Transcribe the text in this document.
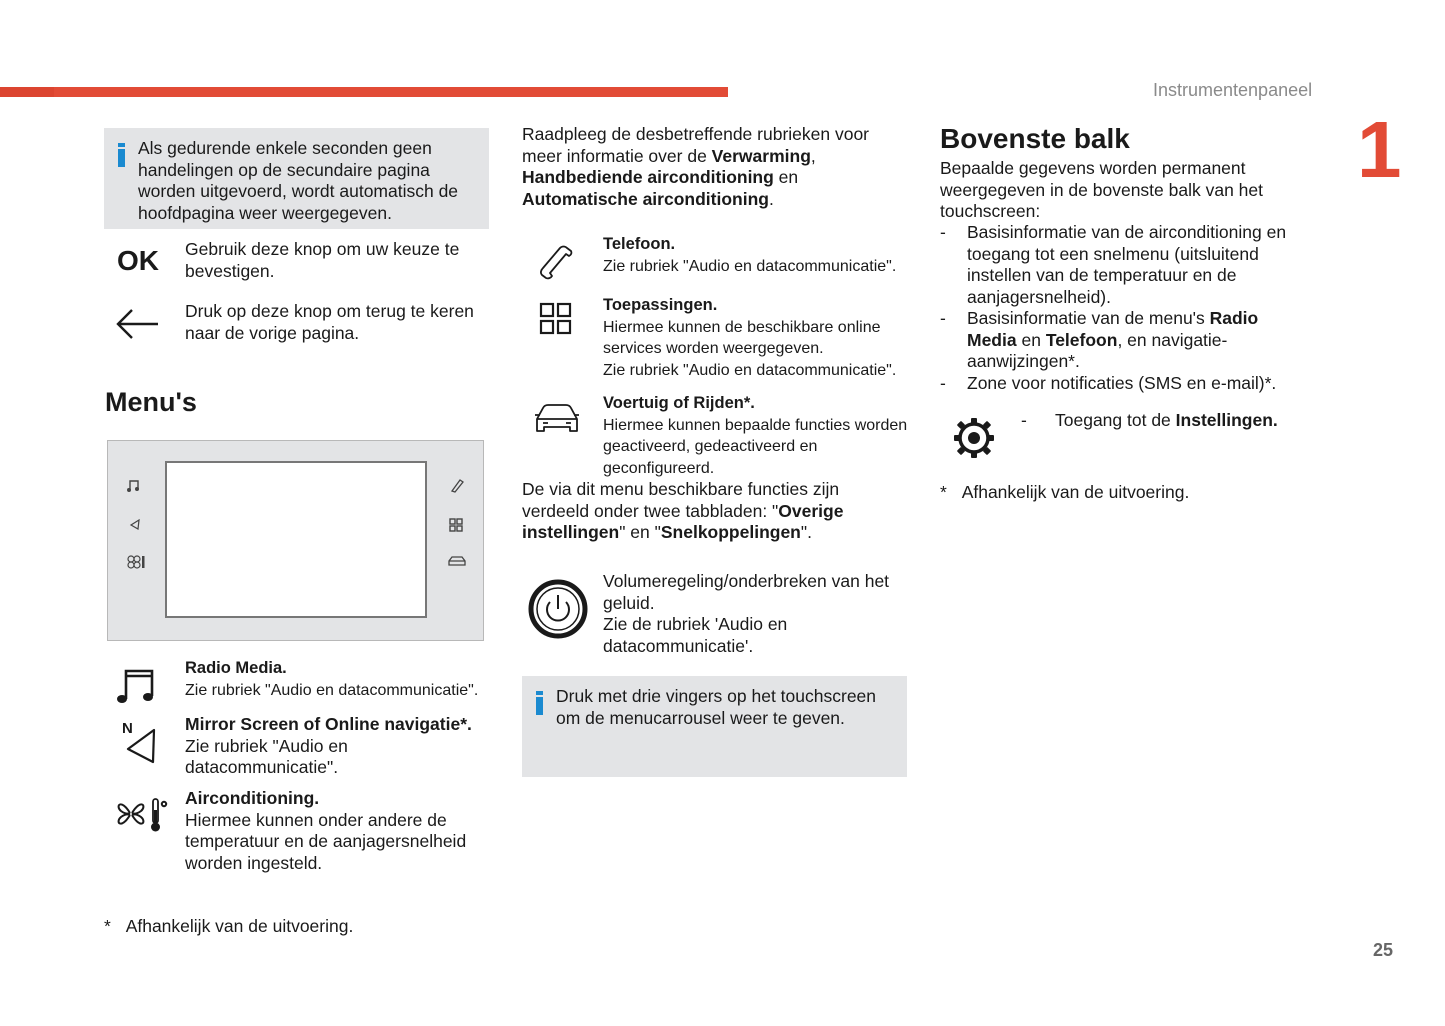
Instrumentenpaneel
1
Als gedurende enkele seconden geen handelingen op de secundaire pagina worden uitgevoerd, wordt automatisch de hoofdpagina weer weergegeven.
OK Gebruik deze knop om uw keuze te bevestigen.
Druk op deze knop om terug te keren naar de vorige pagina.
Menu's
Radio Media.
Zie rubriek "Audio en datacommunicatie".
N	Mirror Screen of Online navigatie*.
Zie rubriek "Audio en datacommunicatie".
Airconditioning.
Hiermee kunnen onder andere de temperatuur en de aanjagersnelheid worden ingesteld.
* Afhankelijk van de uitvoering.
Raadpleeg de desbetreffende rubrieken voor meer informatie over de Verwarming, Handbediende airconditioning en Automatische airconditioning.
Telefoon.
Zie rubriek "Audio en datacommunicatie".
Toepassingen.
Hiermee kunnen de beschikbare online services worden weergegeven.
Zie rubriek "Audio en datacommunicatie".
Voertuig of Rijden*.
Hiermee kunnen bepaalde functies worden geactiveerd, gedeactiveerd en geconfigureerd.
De via dit menu beschikbare functies zijn verdeeld onder twee tabbladen: "Overige instellingen" en "Snelkoppelingen".
Volumeregeling/onderbreken van het geluid.
Zie de rubriek 'Audio en datacommunicatie'.
Druk met drie vingers op het touchscreen om de menucarrousel weer te geven.
Bovenste balk
Bepaalde gegevens worden permanent weergegeven in de bovenste balk van het touchscreen:
- Basisinformatie van de airconditioning en toegang tot een snelmenu (uitsluitend instellen van de temperatuur en de aanjagersnelheid).
- Basisinformatie van de menu's Radio Media en Telefoon, en navigatie-aanwijzingen*.
- Zone voor notificaties (SMS en e-mail)*.
- Toegang tot de Instellingen.
* Afhankelijk van de uitvoering.
25
